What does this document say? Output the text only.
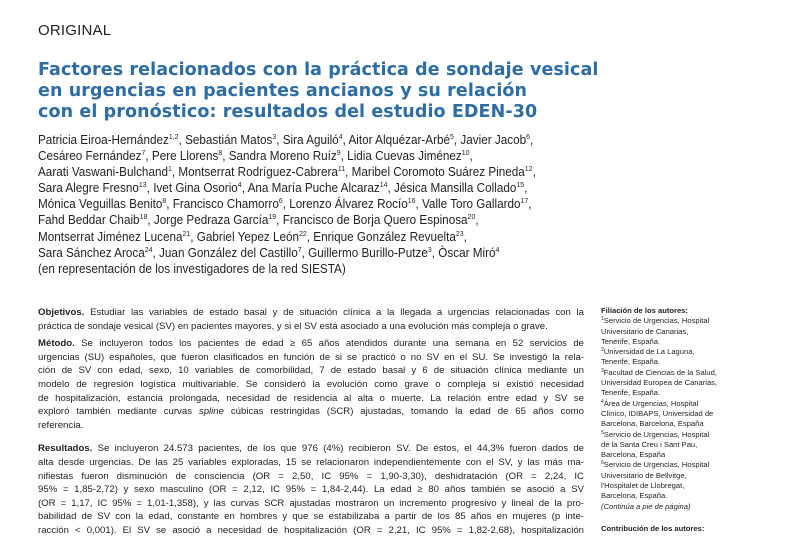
ORIGINAL
Factores relacionados con la práctica de sondaje vesical
en urgencias en pacientes ancianos y su relación
con el pronóstico: resultados del estudio EDEN-30
Patricia Eiroa-Hernández$^{1,2}$, Sebastián Matos$^3$, Sira Aguiló$^4$, Aitor Alquézar-Arbé$^5$, Javier Jacob$^6$,
Cesáreo Fernández$^7$, Pere Llorens$^8$, Sandra Moreno Ruíz$^9$, Lidia Cuevas Jiménez$^{10}$,
Aarati Vaswani-Bulchand$^1$, Montserrat Rodríguez-Cabrera$^{11}$, Maribel Coromoto Suárez Pineda$^{12}$,
Sara Alegre Fresno$^{13}$, Ivet Gina Osorio$^4$, Ana María Puche Alcaraz$^{14}$, Jésica Mansilla Collado$^{15}$,
Mónica Veguillas Benito$^8$, Francisco Chamorro$^6$, Lorenzo Álvarez Rocío$^{16}$, Valle Toro Gallardo$^{17}$,
Fahd Beddar Chaib$^{18}$, Jorge Pedraza García$^{19}$, Francisco de Borja Quero Espinosa$^{20}$,
Montserrat Jiménez Lucena$^{21}$, Gabriel Yepez León$^{22}$, Enrique González Revuelta$^{23}$,
Sara Sánchez Aroca$^{24}$, Juan González del Castillo$^7$, Guillermo Burillo-Putze$^3$, Òscar Miró$^4$
(en representación de los investigadores de la red SIESTA)

Objetivos. Estudiar las variables de estado basal y de situación clínica a la llegada a urgencias relacionadas con la
práctica de sondaje vesical (SV) en pacientes mayores, y si el SV está asociado a una evolución más compleja o grave.

Método. Se incluyeron todos los pacientes de edad ≥ 65 años atendidos durante una semana en 52 servicios de
urgencias (SU) españoles, que fueron clasificados en función de si se practicó o no SV en el SU. Se investigó la rela-
ción de SV con edad, sexo, 10 variables de comorbilidad, 7 de estado basal y 6 de situación clínica mediante un
modelo de regresión logística multivariable. Se consideró la evolución como grave o compleja si existió necesidad
de hospitalización, estancia prolongada, necesidad de residencia al alta o muerte. La relación entre edad y SV se
exploró también mediante curvas spline cúbicas restringidas (SCR) ajustadas, tomando la edad de 65 años como
referencia.

Resultados. Se incluyeron 24.573 pacientes, de los que 976 (4%) recibieron SV. De éstos, el 44,3% fueron dados de
alta desde urgencias. De las 25 variables exploradas, 15 se relacionaron independientemente con el SV, y las más ma-
nifiestas fueron disminución de consciencia (OR = 2,50, IC 95% = 1,90-3,30), deshidratación (OR = 2,24, IC
95% = 1,85-2,72) y sexo masculino (OR = 2,12, IC 95% = 1,84-2,44). La edad ≥ 80 años también se asoció a SV
(OR = 1,17, IC 95% = 1,01-1,358), y las curvas SCR ajustadas mostraron un incremento progresivo y lineal de la pro-
babilidad de SV con la edad, constante en hombres y que se estabilizaba a partir de los 85 años en mujeres (p inte-
racción < 0,001). El SV se asoció a necesidad de hospitalización (OR = 2,21, IC 95% = 1,82-2,68), hospitalización

Filiación de los autores:
$^1$Servicio de Urgencias, Hospital
Universitario de Canarias,
Tenerife, España.
$^2$Universidad de La Laguna,
Tenerife, España.
$^3$Facultad de Ciencias de la Salud,
Universidad Europea de Canarias,
Tenerife, España.
$^4$Área de Urgencias, Hospital
Clínico, IDIBAPS, Universidad de
Barcelona, Barcelona, España
$^5$Servicio de Urgencias, Hospital
de la Santa Creu i Sant Pau,
Barcelona, España
$^6$Servicio de Urgencias, Hospital
Universitario de Bellvitge,
l'Hospitalet de Llobregat,
Barcelona, España.
(Continúa a pie de página)
Contribución de los autores:
